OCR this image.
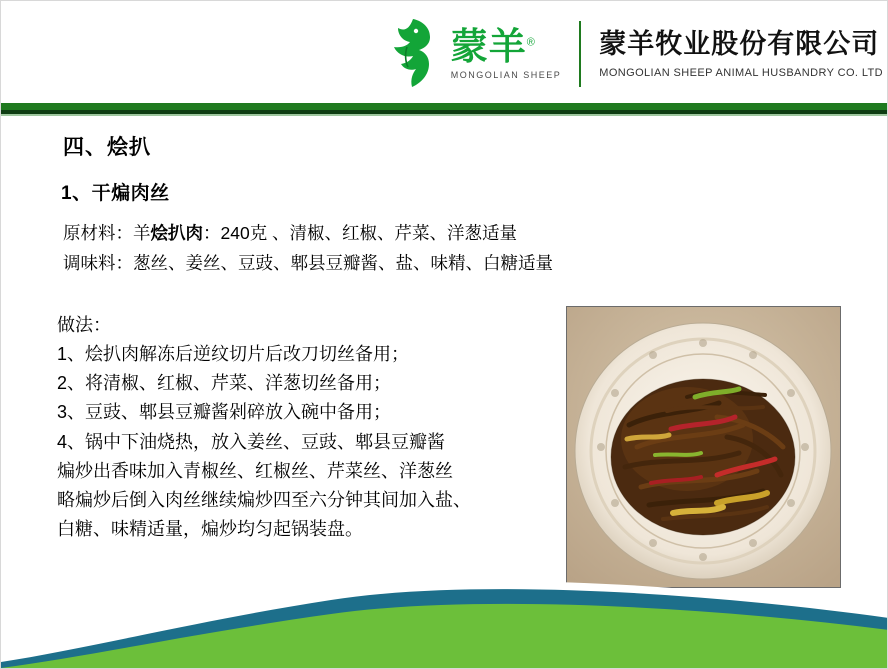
蒙羊®
MONGOLIAN SHEEP
蒙羊牧业股份有限公司
MONGOLIAN SHEEP ANIMAL HUSBANDRY CO. LTD
四、烩扒
1、干煸肉丝
原材料：羊烩扒肉：240克 、清椒、红椒、芹菜、洋葱适量
调味料：葱丝、姜丝、豆豉、郫县豆瓣酱、盐、味精、白糖适量
做法：
1、烩扒肉解冻后逆纹切片后改刀切丝备用；
2、将清椒、红椒、芹菜、洋葱切丝备用；
3、豆豉、郫县豆瓣酱剁碎放入碗中备用；
4、锅中下油烧热，放入姜丝、豆豉、郫县豆瓣酱
煸炒出香味加入青椒丝、红椒丝、芹菜丝、洋葱丝
略煸炒后倒入肉丝继续煸炒四至六分钟其间加入盐、
白糖、味精适量，煸炒均匀起锅装盘。
